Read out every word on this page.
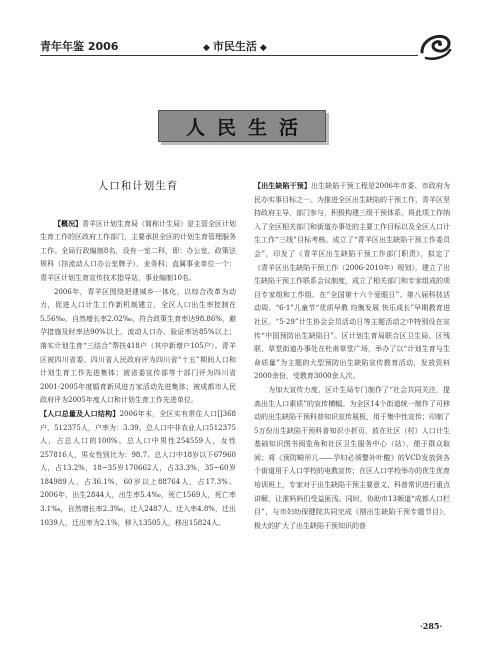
青年年鉴 2006	◆ 市民生活 ◆
人民生活
人口和计划生育

【概况】青羊区计划生育局（简称计生局）是主管全区计划生育工作的区政府工作部门，主要承担全区的计划生育管理服务工作。全局行政编制8名，设有一室二科，即：办公室、政策法规科（挂流动人口办公室牌子）、业务科；直属事业单位一个：青羊区计划生育宣传技术指导站，事业编制10名。

2006年，青羊区围绕把建城乡一体化，以综合改革为动力，促进人口计生工作新机制建立，全区人口出生率控制在5.56‰，自然增长率2.02‰，符合政策生育率达98.86%，避孕措施及时率达90%以上，流动人口办、验证率达85%以上；落实计划生育“三结合”帮扶418户（其中新增户105户）。青羊区被四川省委、四川省人民政府评为四川省“十五”期间人口和计划生育工作先进集体；被省委宣传部等十部门评为四川省2001-2005年度婚育新风进万家活动先进集体；被成都市人民政府评为2005年度人口和计划生育工作先进单位。

【人口总量及人口结构】2006年末，全区实有常住人口[]368户，512375人，户率为：3.39。总人口中非农业人口512375人，占总人口的100%。总人口中男性254559人，女性257816人，男女性别比为：98.7。总人口中18岁以下67960人，占13.2%，18~35岁170662人，占33.3%，35~60岁184989人，占36.1%，60岁以上88764人，占17.3%。2006年，出生2844人，出生率5.4‰，死亡1569人，死亡率3.1‰，自然增长率2.3‰，迁入2487人，迁入率4.8%，迁出1039人，迁出率为2.1%，移入13505人，移出15824人。

【出生缺陷干预】出生缺陷干预工程是2006年市委、市政府为民办实事目标之一。为推进全区出生缺陷的干预工作，青羊区坚持政府主导，部门参与，积极构建三级干预体系，将此项工作纳入了全区相关部门和街道办事处的主要工作目标以及全区人口计生工作“三线”目标考核。成立了“青羊区出生缺陷干预工作委员会”，印发了《青羊区出生缺陷干预工作部门职责》，拟定了《青羊区出生缺陷干预工作（2006-2010年）规划》，建立了出生缺陷干预工作联系会议制度，成立了相关部门和专家组成的项目专家组和工作组。在“全国第十六个爱眼日”、第八届科技活动周、“6·1”儿童节“优质早教 均衡发展 快乐成长”早期教育进社区、“5·29”计生协会会员活动日等主题活动之中特别设在宣传“中国预防出生缺陷日”。区计划生育局联合区卫生局、区残联、草堂街道办事处在杜甫草堂广场，举办了以“计划生育与生命质量”为主题的大型预防出生缺陷宣传教育活动，发放资料2000余份，受教育3000余人次。

为加大宣传力度，区计生局专门制作了“社会共同关注，提高出生人口素质”的宣传横幅。为全区14个街道统一制作了可移动的出生缺陷干预科普知识宣传展板，用于集中性宣传；印制了5万份出生缺陷干预科普知识小折页，放在社区（村）人口计生基础知识图书阅览角和社区卫生服务中心（站），便于群众取阅；将《预防畸形儿——孕妇必须警补叶酸》的VCD发放到各个街道用于人口学校的电教宣传；在区人口学校举办的优生优育培训班上，专家对于出生缺陷干预主要意义、科普常识进行重点讲解，让准妈妈们受益匪浅。同时，协助市13频道“成都人口栏目”，与市妇幼保健院共同完成《刚出生缺陷干预专题节目》，极大的扩大了出生缺陷干预知识的普

·285·
